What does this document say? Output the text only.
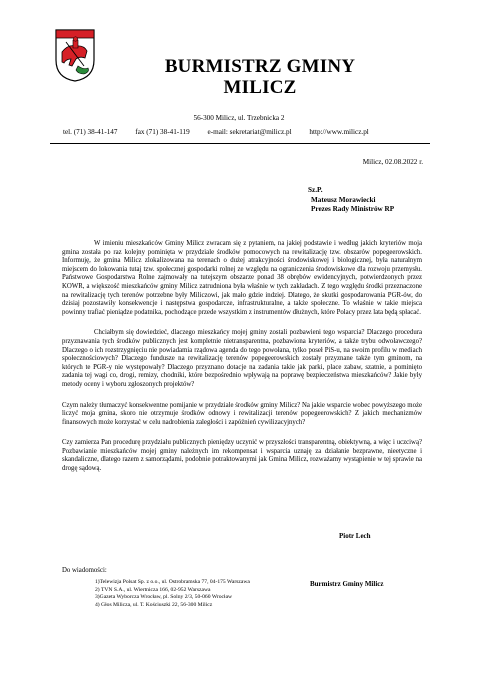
BURMISTRZ GMINY
MILICZ
56-300 Milicz, ul. Trzebnicka 2
tel. (71) 38-41-147 fax (71) 38-41-119 e-mail: sekretariat@milicz.pl http://www.milicz.pl
Milicz, 02.08.2022 r.
Sz.P.
Mateusz Morawiecki
Prezes Rady Ministrów RP

W imieniu mieszkańców Gminy Milicz zwracam się z pytaniem, na jakiej podstawie i według jakich kryteriów moja gmina została po raz kolejny pominięta w przydziale środków pomocowych na rewitalizację tzw. obszarów popegeerowskich. Informuję, że gmina Milicz zlokalizowana na terenach o dużej atrakcyjności środowiskowej i biologicznej, była naturalnym miejscem do lokowania tutaj tzw. społecznej gospodarki rolnej ze względu na ograniczenia środowiskowe dla rozwoju przemysłu. Państwowe Gospodarstwa Rolne zajmowały na tutejszym obszarze ponad 38 obrębów ewidencyjnych, potwierdzonych przez KOWR, a większość mieszkańców gminy Milicz zatrudniona była właśnie w tych zakładach. Z tego względu środki przeznaczone na rewitalizację tych terenów potrzebne były Miliczowi, jak mało gdzie indziej. Dlatego, że skutki gospodarowania PGR-ów, do dzisiaj pozostawiły konsekwencje i następstwa gospodarcze, infrastrukturalne, a także społeczne. To właśnie w takie miejsca powinny trafiać pieniądze podatnika, pochodzące przede wszystkim z instrumentów dłużnych, które Polacy przez lata będą spłacać.

Chciałbym się dowiedzieć, dlaczego mieszkańcy mojej gminy zostali pozbawieni tego wsparcia? Dlaczego procedura przyznawania tych środków publicznych jest kompletnie nietransparentna, pozbawiona kryteriów, a także trybu odwoławczego? Dlaczego o ich rozstrzygnięciu nie powiadamia rządowa agenda do tego powołana, tylko poseł PiS-u, na swoim profilu w mediach społecznościowych? Dlaczego fundusze na rewitalizację terenów popegeerowskich zostały przyznane także tym gminom, na których te PGR-y nie występowały? Dlaczego przyznano dotacje na zadania takie jak parki, place zabaw, szatnie, a pominięto zadania tej wagi co, drogi, remizy, chodniki, które bezpośrednio wpływają na poprawę bezpieczeństwa mieszkańców? Jakie były metody oceny i wyboru zgłoszonych projektów?

Czym należy tłumaczyć konsekwentne pomijanie w przydziale środków gminy Milicz? Na jakie wsparcie wobec powyższego może liczyć moja gmina, skoro nie otrzymuje środków odnowy i rewitalizacji terenów popegeerowskich? Z jakich mechanizmów finansowych może korzystać w celu nadrobienia zaległości i zapóźnień cywilizacyjnych?

Czy zamierza Pan procedurę przydziału publicznych pieniędzy uczynić w przyszłości transparentną, obiektywną, a więc i uczciwą? Pozbawianie mieszkańców mojej gminy należnych im rekompensat i wsparcia uznaję za działanie bezprawne, nieetyczne i skandaliczne, dlatego razem z samorządami, podobnie potraktowanymi jak Gmina Milicz, rozważamy wystąpienie w tej sprawie na drogę sądową.

Piotr Lech
Do wiadomości:
Burmistrz Gminy Milicz
1)Telewizja Polsat Sp. z o.o., ul. Ostrobramska 77, 04-175 Warszawa
2) TVN S.A., ul. Wiertnicza 166, 02-952 Warszawa
3)Gazeta Wyborcza Wrocław, pl. Solny 2/3, 50-060 Wrocław
4) Głos Milicza, ul. T. Kościuszki 22, 56-300 Milicz
